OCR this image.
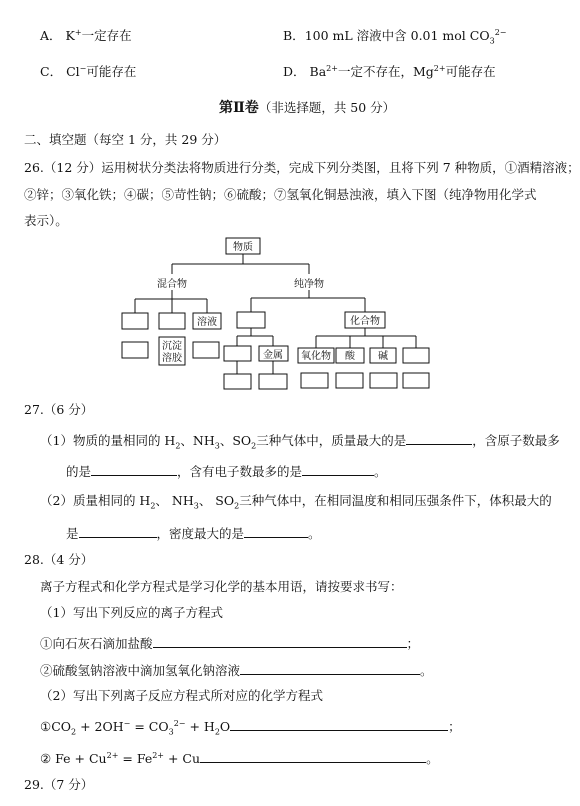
A． K+一定存在	B．100 mL 溶液中含 0.01 mol $CO_3^{2-}$
C． Cl−可能存在	D． $Ba^{2+}$一定不存在，$Mg^{2+}$可能存在
第Ⅱ卷（非选择题，共 50 分）
二、填空题（每空 1 分，共 29 分）
26.（12 分）运用树状分类法将物质进行分类，完成下列分类图，且将下列 7 种物质，①酒精溶液；
②锌；③氧化铁；④碳；⑤苛性钠；⑥硫酸；⑦氢氧化铜悬浊液，填入下图（纯净物用化学式
表示）。
物质
混合物	纯净物
溶液
沉淀
溶胶
化合物
金属 氧化物 酸 碱
27.（6 分）
（1）物质的量相同的 $H_2$、$NH_3$、$SO_2$三种气体中，质量最大的是	，含原子数最多
的是	，含有电子数最多的是	。
（2）质量相同的 $H_2$、 $NH_3$、 $SO_2$三种气体中，在相同温度和相同压强条件下，体积最大的
是	，密度最大的是	。
28.（4 分）
离子方程式和化学方程式是学习化学的基本用语，请按要求书写：
（1）写出下列反应的离子方程式
①向石灰石滴加盐酸	；
②硫酸氢钠溶液中滴加氢氧化钠溶液	。
（2）写出下列离子反应方程式所对应的化学方程式
$①CO_2 + 2OH^- = CO_3^{2-} + H_2O$	；
② $Fe + Cu^{2+} = Fe^{2+} + Cu$	。
29.（7 分）
